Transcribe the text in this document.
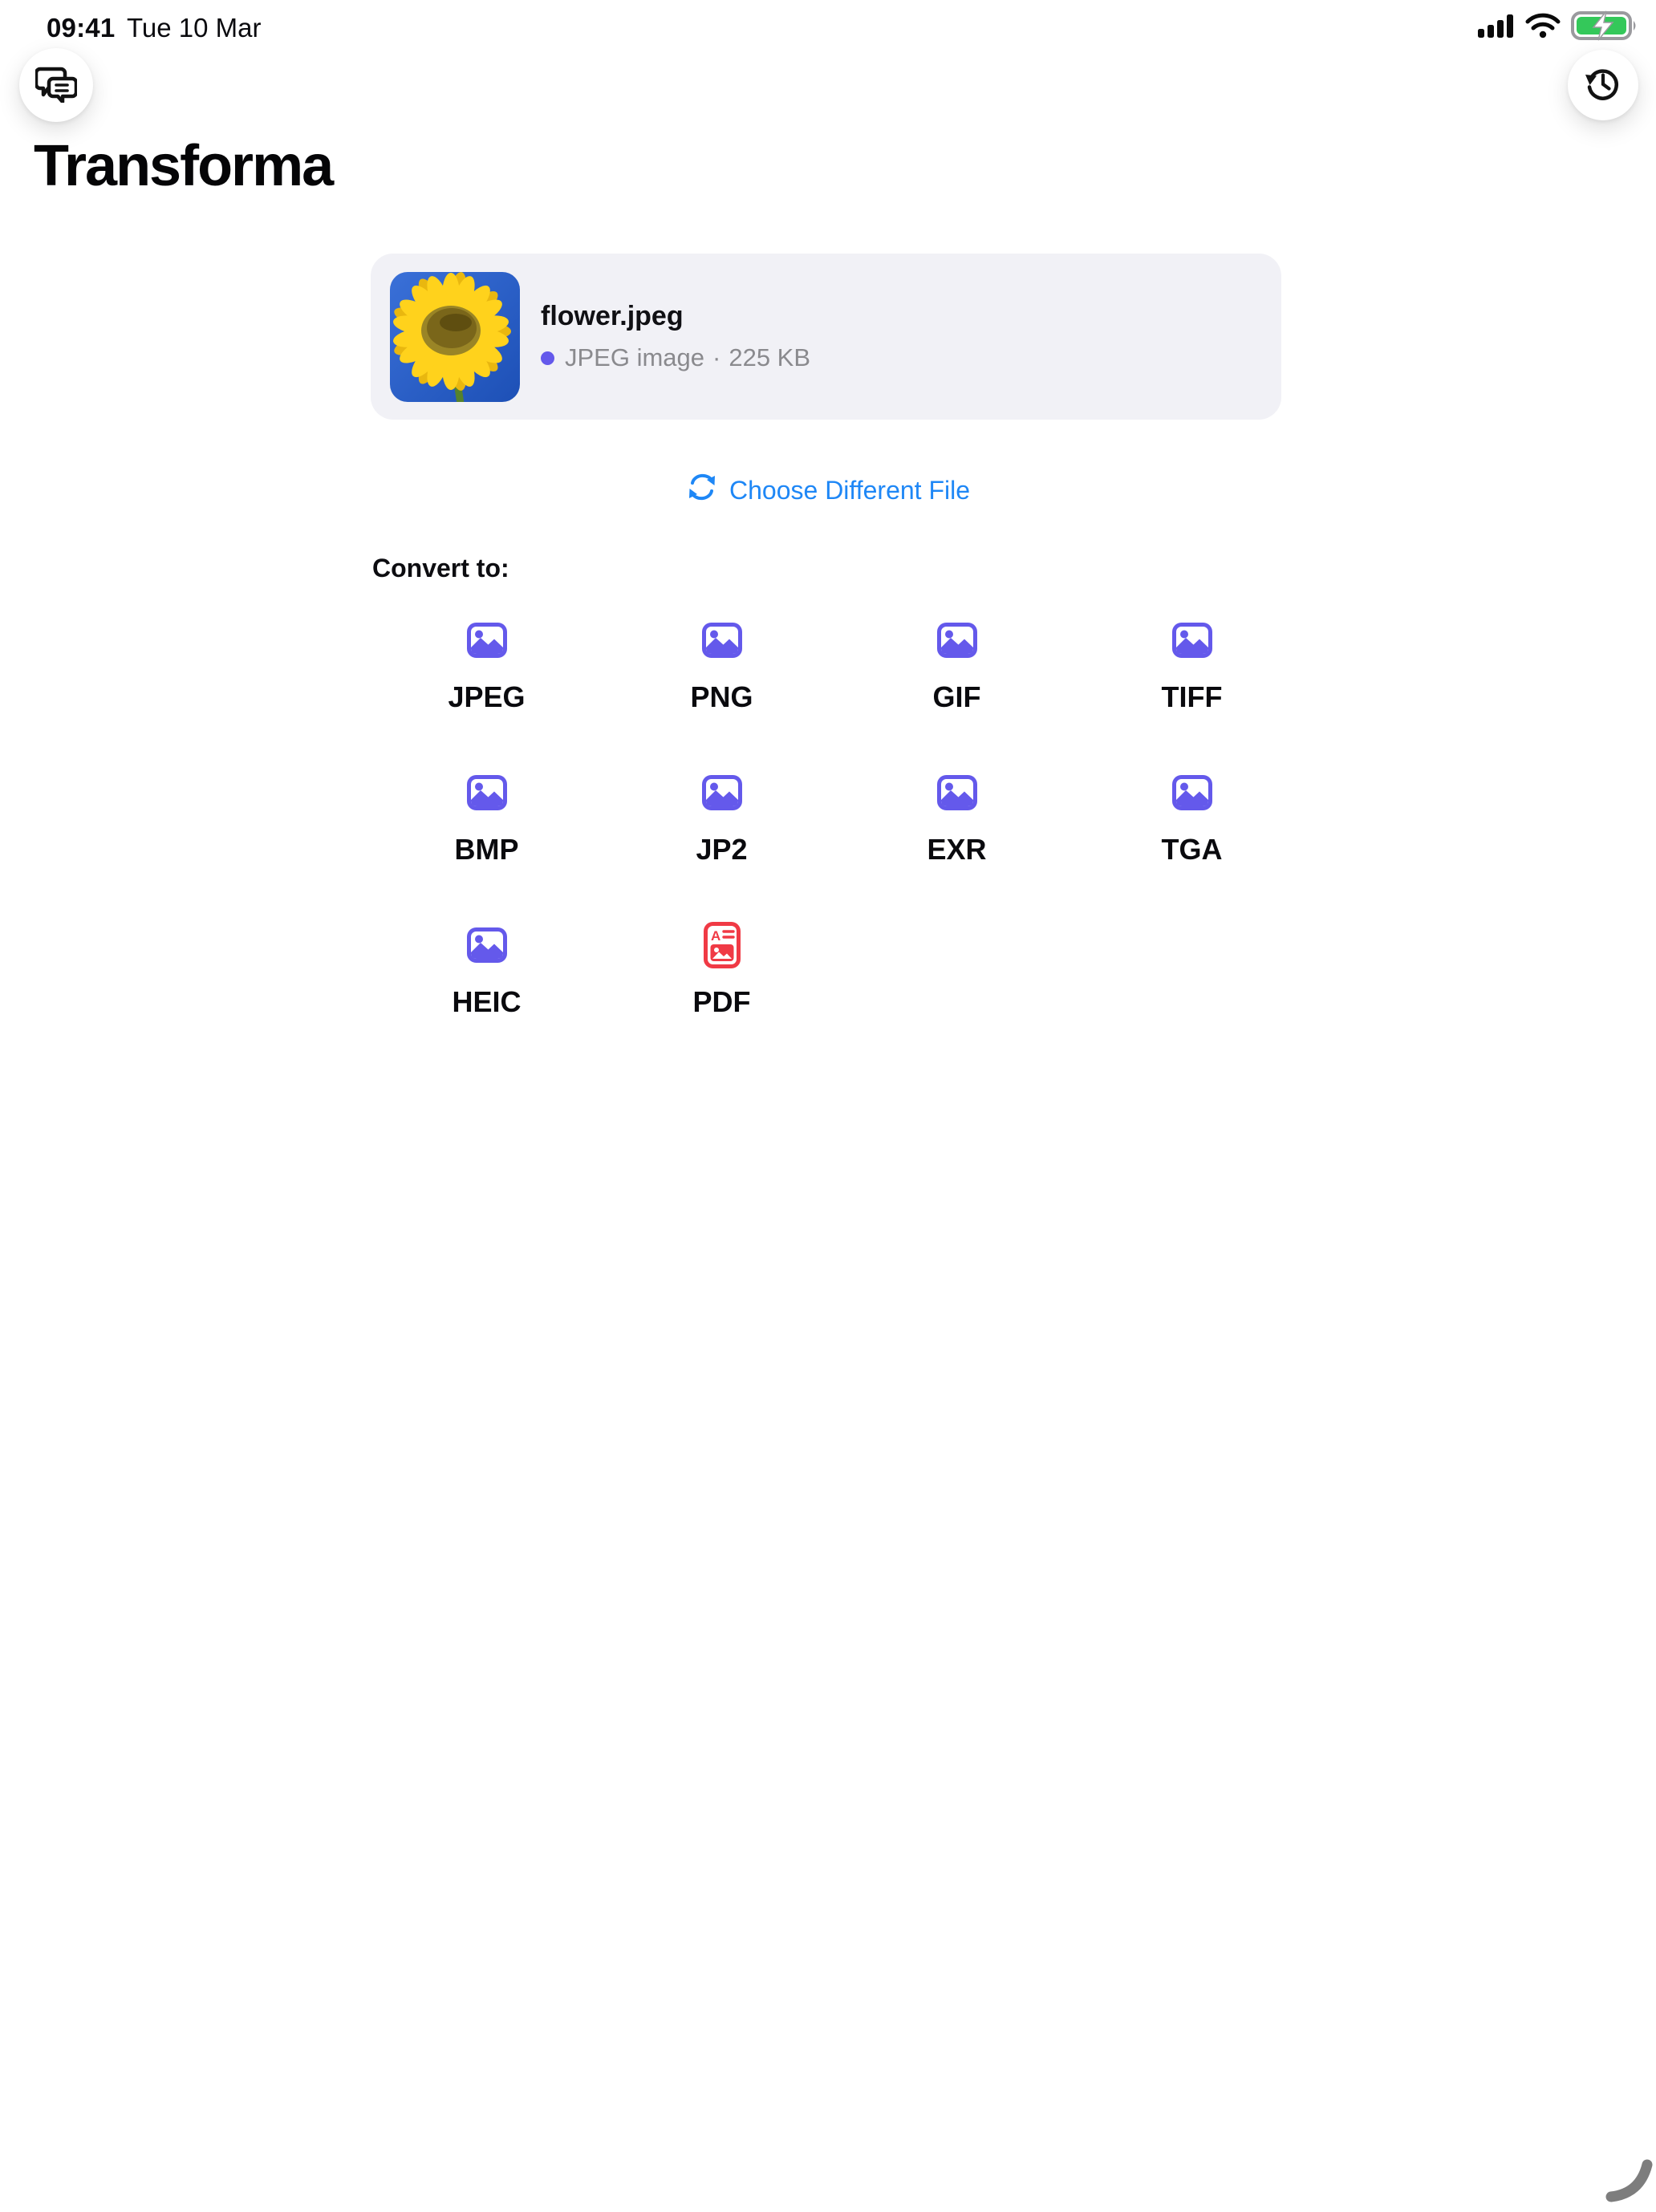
09:41 Tue 10 Mar
Transforma
flower.jpeg
JPEG image · 225 KB
Choose Different File
Convert to:
JPEG	PNG	GIF	TIFF
BMP	JP2	EXR	TGA
HEIC
A
PDF
